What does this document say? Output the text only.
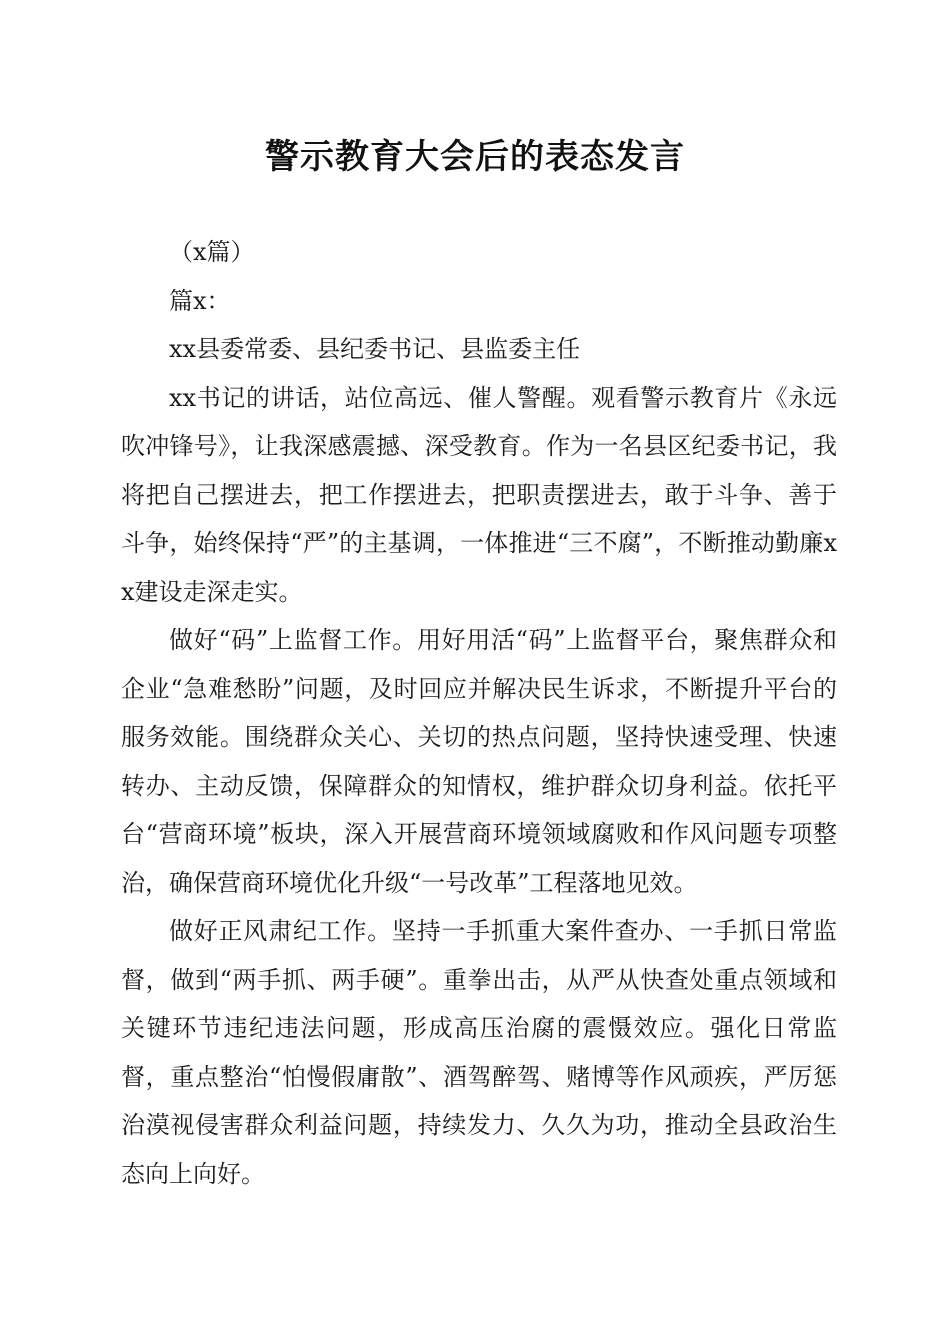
警示教育大会后的表态发言

（x篇）

篇x：

xx县委常委、县纪委书记、县监委主任

xx书记的讲话，站位高远、催人警醒。观看警示教育片《永远吹冲锋号》，让我深感震撼、深受教育。作为一名县区纪委书记，我将把自己摆进去，把工作摆进去，把职责摆进去，敢于斗争、善于斗争，始终保持“严”的主基调，一体推进“三不腐”，不断推动勤廉xx建设走深走实。

做好“码”上监督工作。用好用活“码”上监督平台，聚焦群众和企业“急难愁盼”问题，及时回应并解决民生诉求，不断提升平台的服务效能。围绕群众关心、关切的热点问题，坚持快速受理、快速转办、主动反馈，保障群众的知情权，维护群众切身利益。依托平台“营商环境”板块，深入开展营商环境领域腐败和作风问题专项整治，确保营商环境优化升级“一号改革”工程落地见效。

做好正风肃纪工作。坚持一手抓重大案件查办、一手抓日常监督，做到“两手抓、两手硬”。重拳出击，从严从快查处重点领域和关键环节违纪违法问题，形成高压治腐的震慑效应。强化日常监督，重点整治“怕慢假庸散”、酒驾醉驾、赌博等作风顽疾，严厉惩治漠视侵害群众利益问题，持续发力、久久为功，推动全县政治生态向上向好。
